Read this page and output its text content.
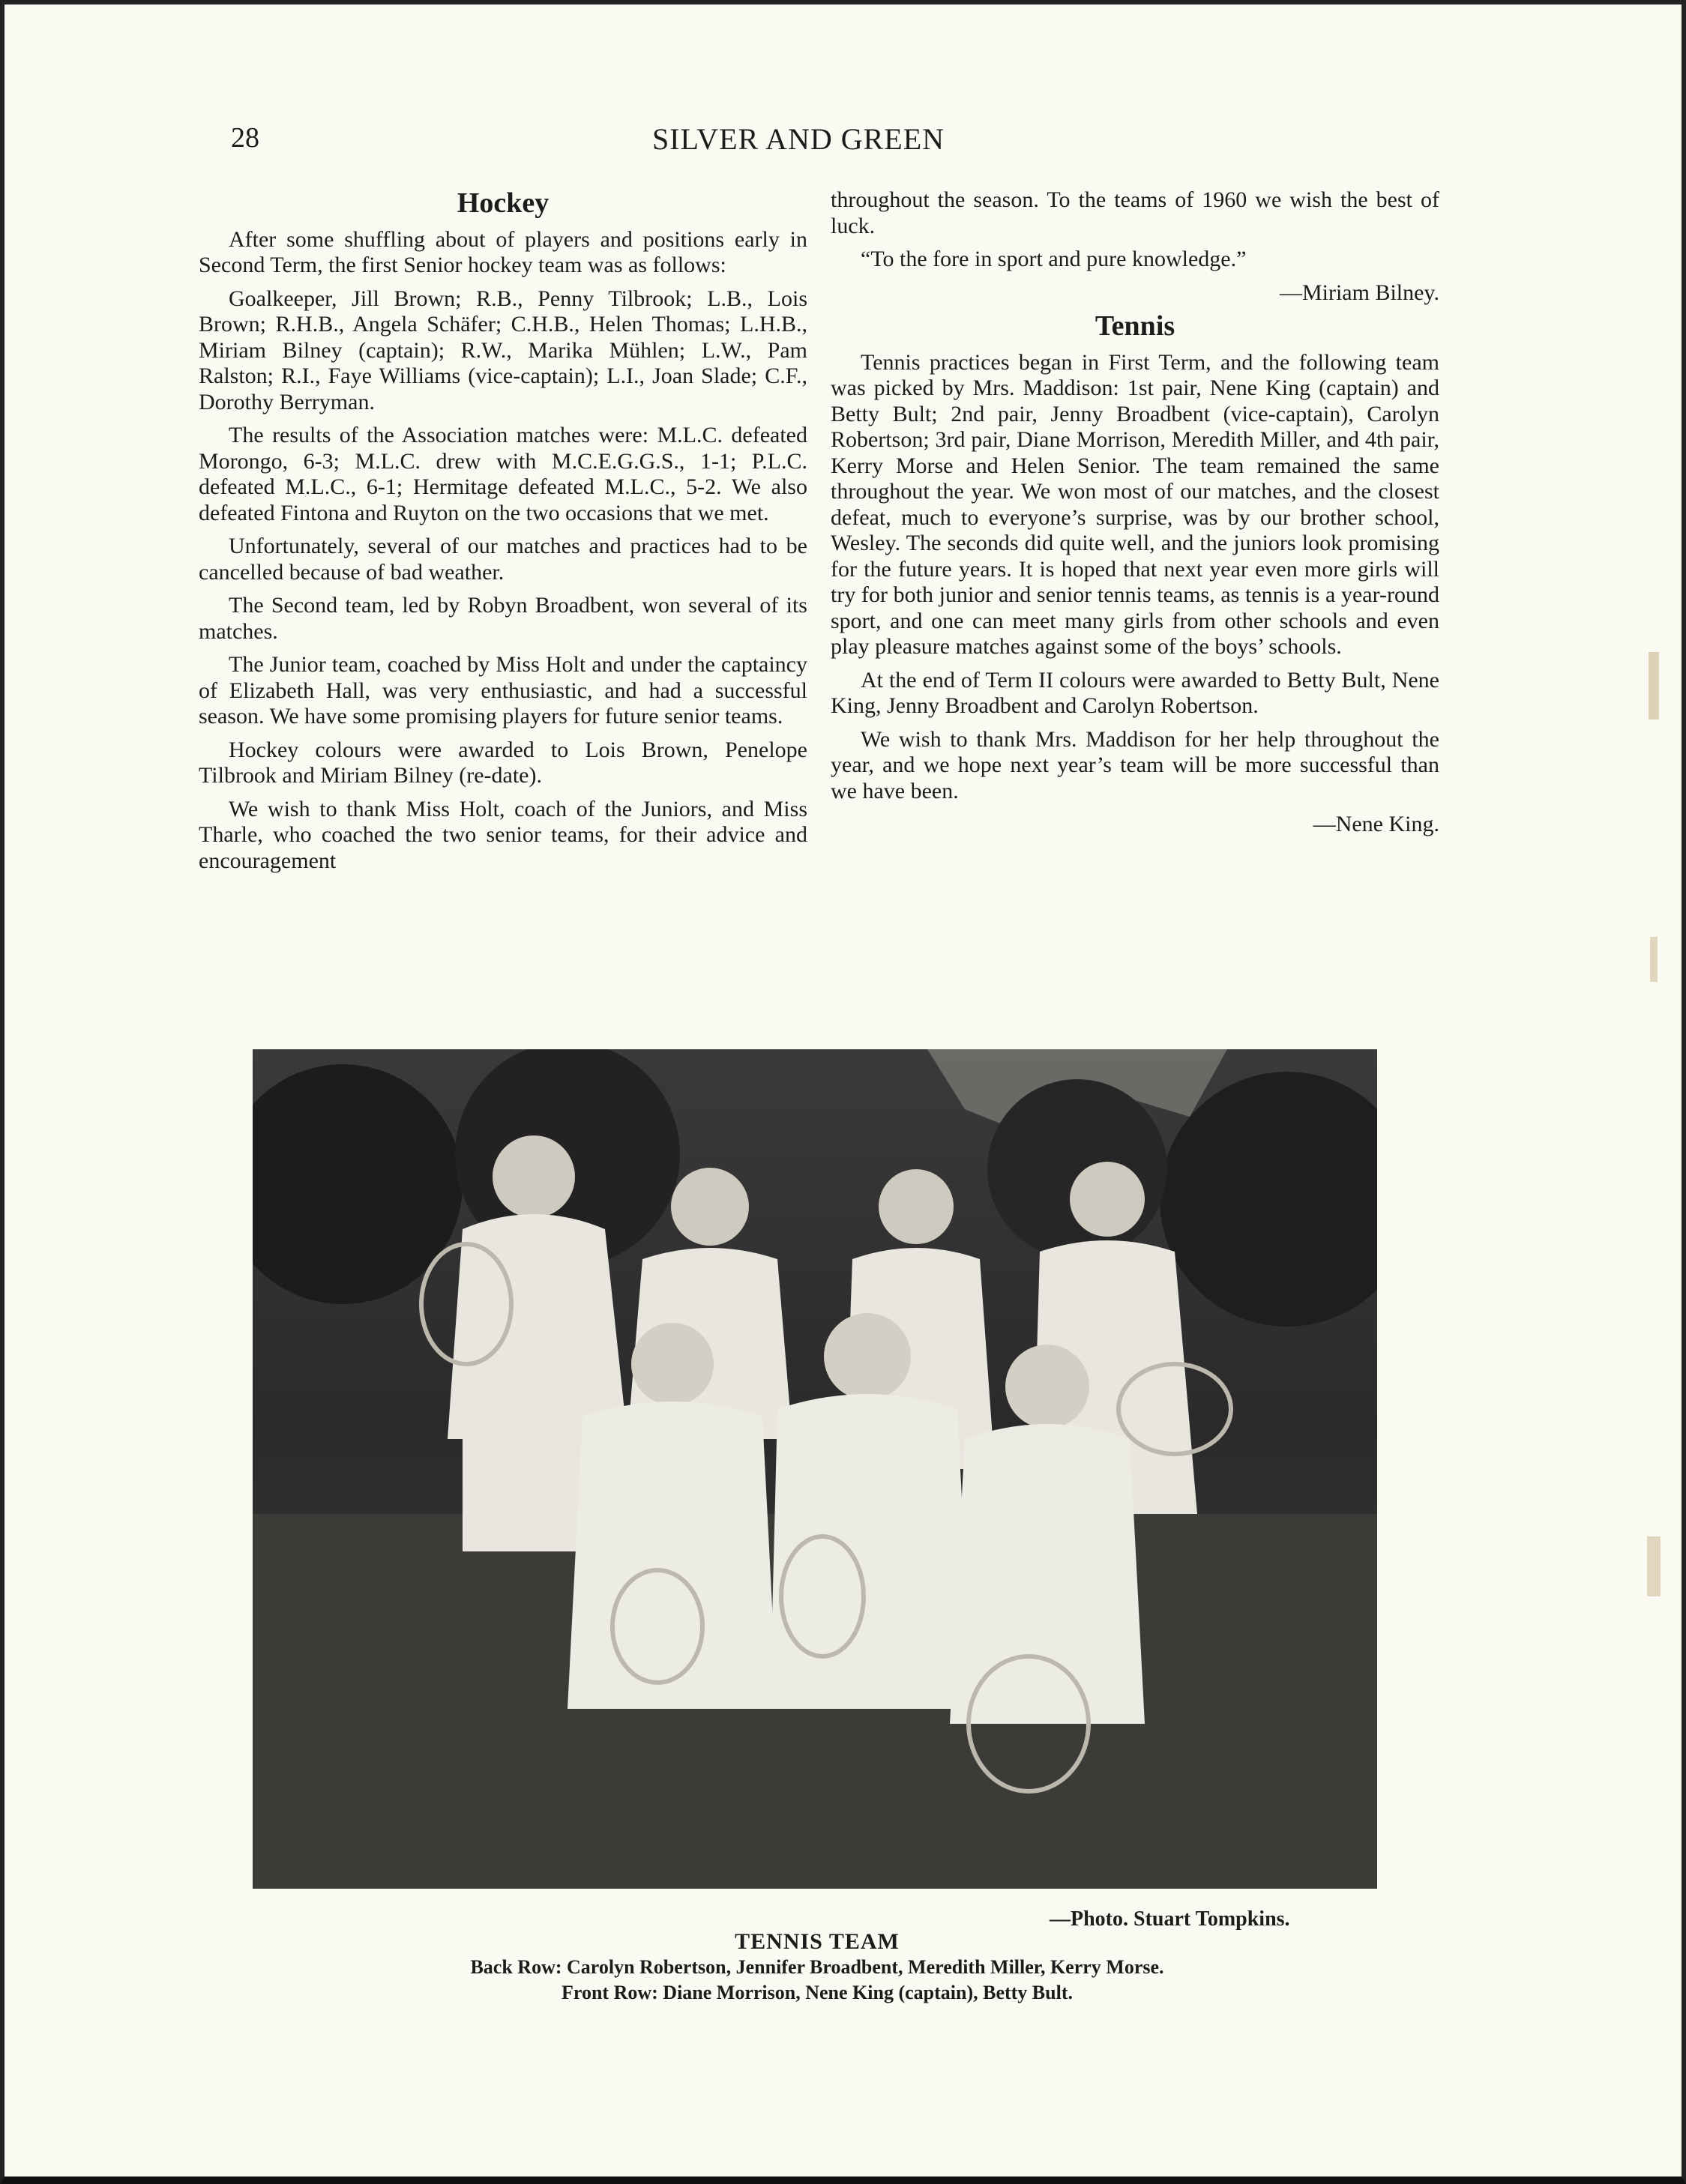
28	SILVER AND GREEN
Hockey

After some shuffling about of players and positions early in Second Term, the first Senior hockey team was as follows:

Goalkeeper, Jill Brown; R.B., Penny Tilbrook; L.B., Lois Brown; R.H.B., Angela Schäfer; C.H.B., Helen Thomas; L.H.B., Miriam Bilney (captain); R.W., Marika Mühlen; L.W., Pam Ralston; R.I., Faye Williams (vice-captain); L.I., Joan Slade; C.F., Dorothy Berryman.

The results of the Association matches were: M.L.C. defeated Morongo, 6-3; M.L.C. drew with M.C.E.G.G.S., 1-1; P.L.C. defeated M.L.C., 6-1; Hermitage defeated M.L.C., 5-2. We also defeated Fintona and Ruyton on the two occasions that we met.

Unfortunately, several of our matches and practices had to be cancelled because of bad weather.

The Second team, led by Robyn Broadbent, won several of its matches.

The Junior team, coached by Miss Holt and under the captaincy of Elizabeth Hall, was very enthusiastic, and had a successful season. We have some promising players for future senior teams.

Hockey colours were awarded to Lois Brown, Penelope Tilbrook and Miriam Bilney (re-date).

We wish to thank Miss Holt, coach of the Juniors, and Miss Tharle, who coached the two senior teams, for their advice and encouragement

throughout the season. To the teams of 1960 we wish the best of luck.

“To the fore in sport and pure knowledge.”

—Miriam Bilney.

Tennis

Tennis practices began in First Term, and the following team was picked by Mrs. Maddison: 1st pair, Nene King (captain) and Betty Bult; 2nd pair, Jenny Broadbent (vice-captain), Carolyn Robertson; 3rd pair, Diane Morrison, Meredith Miller, and 4th pair, Kerry Morse and Helen Senior. The team remained the same throughout the year. We won most of our matches, and the closest defeat, much to everyone’s surprise, was by our brother school, Wesley. The seconds did quite well, and the juniors look promising for the future years. It is hoped that next year even more girls will try for both junior and senior tennis teams, as tennis is a year-round sport, and one can meet many girls from other schools and even play pleasure matches against some of the boys’ schools.

At the end of Term II colours were awarded to Betty Bult, Nene King, Jenny Broadbent and Carolyn Robertson.

We wish to thank Mrs. Maddison for her help throughout the year, and we hope next year’s team will be more successful than we have been.

—Nene King.

—Photo. Stuart Tompkins.
TENNIS TEAM
Back Row: Carolyn Robertson, Jennifer Broadbent, Meredith Miller, Kerry Morse.
Front Row: Diane Morrison, Nene King (captain), Betty Bult.
